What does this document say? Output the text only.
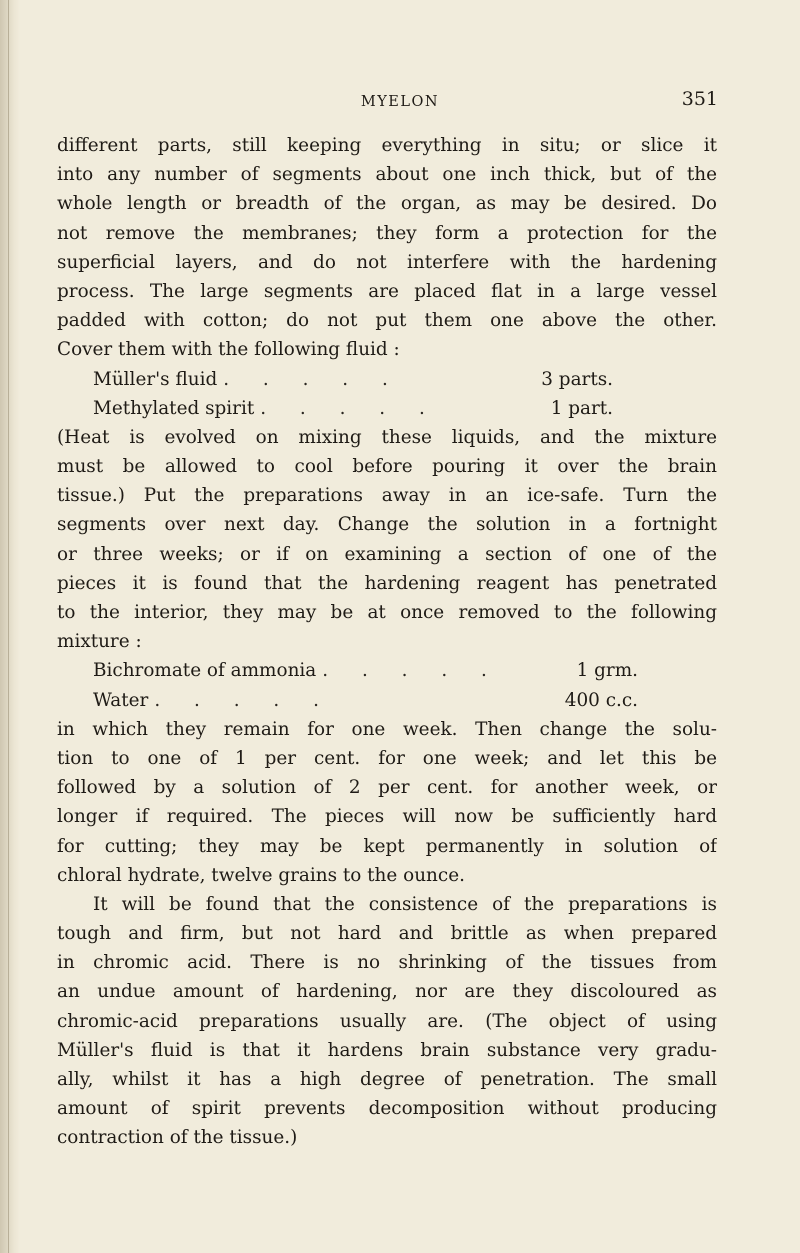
MYELON	351
different parts, still keeping everything in situ; or slice it
into any number of segments about one inch thick, but of the
whole length or breadth of the organ, as may be desired. Do
not remove the membranes; they form a protection for the
superficial layers, and do not interfere with the hardening
process. The large segments are placed flat in a large vessel
padded with cotton; do not put them one above the other.
Cover them with the following fluid :
Müller's fluid . . . . .	3 parts.
Methylated spirit . . . . .	1 part.
(Heat is evolved on mixing these liquids, and the mixture
must be allowed to cool before pouring it over the brain
tissue.) Put the preparations away in an ice-safe. Turn the
segments over next day. Change the solution in a fortnight
or three weeks; or if on examining a section of one of the
pieces it is found that the hardening reagent has penetrated
to the interior, they may be at once removed to the following
mixture :
Bichromate of ammonia . . . . .	1 grm.
Water . . . . .	400 c.c.
in which they remain for one week. Then change the solu-
tion to one of 1 per cent. for one week; and let this be
followed by a solution of 2 per cent. for another week, or
longer if required. The pieces will now be sufficiently hard
for cutting; they may be kept permanently in solution of
chloral hydrate, twelve grains to the ounce.
It will be found that the consistence of the preparations is
tough and firm, but not hard and brittle as when prepared
in chromic acid. There is no shrinking of the tissues from
an undue amount of hardening, nor are they discoloured as
chromic-acid preparations usually are. (The object of using
Müller's fluid is that it hardens brain substance very gradu-
ally, whilst it has a high degree of penetration. The small
amount of spirit prevents decomposition without producing
contraction of the tissue.)
